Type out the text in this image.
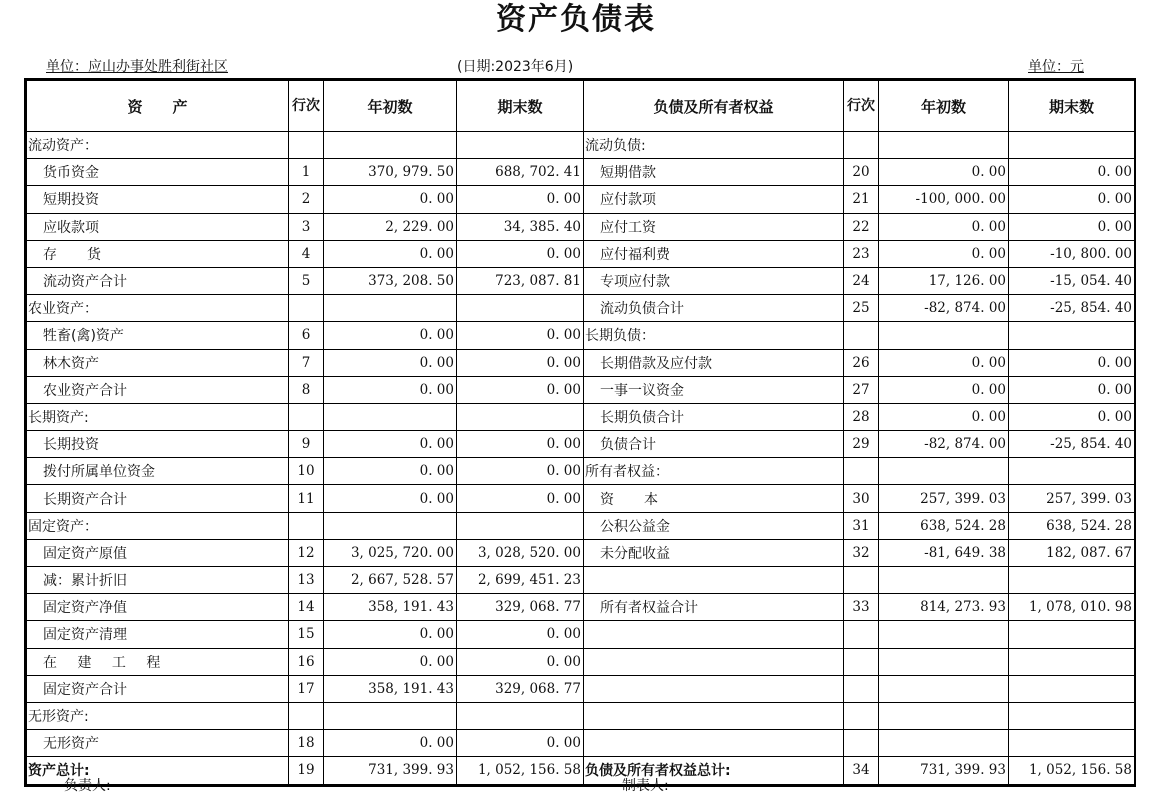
资产负债表
单位：应山办事处胜利街社区	(日期:2023年6月)	单位：元
资　　产	行次	年初数	期末数	负债及所有者权益	行次	年初数	期末数
流动资产：				流动负债:			
货币资金	1	370, 979. 50	688, 702. 41	短期借款	20	0. 00	0. 00
短期投资	2	0. 00	0. 00	应付款项	21	-100, 000. 00	0. 00
应收款项	3	2, 229. 00	34, 385. 40	应付工资	22	0. 00	0. 00
存　货	4	0. 00	0. 00	应付福利费	23	0. 00	-10, 800. 00
流动资产合计	5	373, 208. 50	723, 087. 81	专项应付款	24	17, 126. 00	-15, 054. 40
农业资产：				流动负债合计	25	-82, 874. 00	-25, 854. 40
牲畜(禽)资产	6	0. 00	0. 00	长期负债：			
林木资产	7	0. 00	0. 00	长期借款及应付款	26	0. 00	0. 00
农业资产合计	8	0. 00	0. 00	一事一议资金	27	0. 00	0. 00
长期资产:				长期负债合计	28	0. 00	0. 00
长期投资	9	0. 00	0. 00	负债合计	29	-82, 874. 00	-25, 854. 40
拨付所属单位资金	10	0. 00	0. 00	所有者权益：			
长期资产合计	11	0. 00	0. 00	资　本	30	257, 399. 03	257, 399. 03
固定资产：				公积公益金	31	638, 524. 28	638, 524. 28
固定资产原值	12	3, 025, 720. 00	3, 028, 520. 00	未分配收益	32	-81, 649. 38	182, 087. 67
减：累计折旧	13	2, 667, 528. 57	2, 699, 451. 23				
固定资产净值	14	358, 191. 43	329, 068. 77	所有者权益合计	33	814, 273. 93	1, 078, 010. 98
固定资产清理	15	0. 00	0. 00				
在 建 工 程	16	0. 00	0. 00				
固定资产合计	17	358, 191. 43	329, 068. 77				
无形资产:							
无形资产	18	0. 00	0. 00				
资产总计:	19	731, 399. 93	1, 052, 156. 58	负债及所有者权益总计:	34	731, 399. 93	1, 052, 156. 58
负责人:	制表人:
